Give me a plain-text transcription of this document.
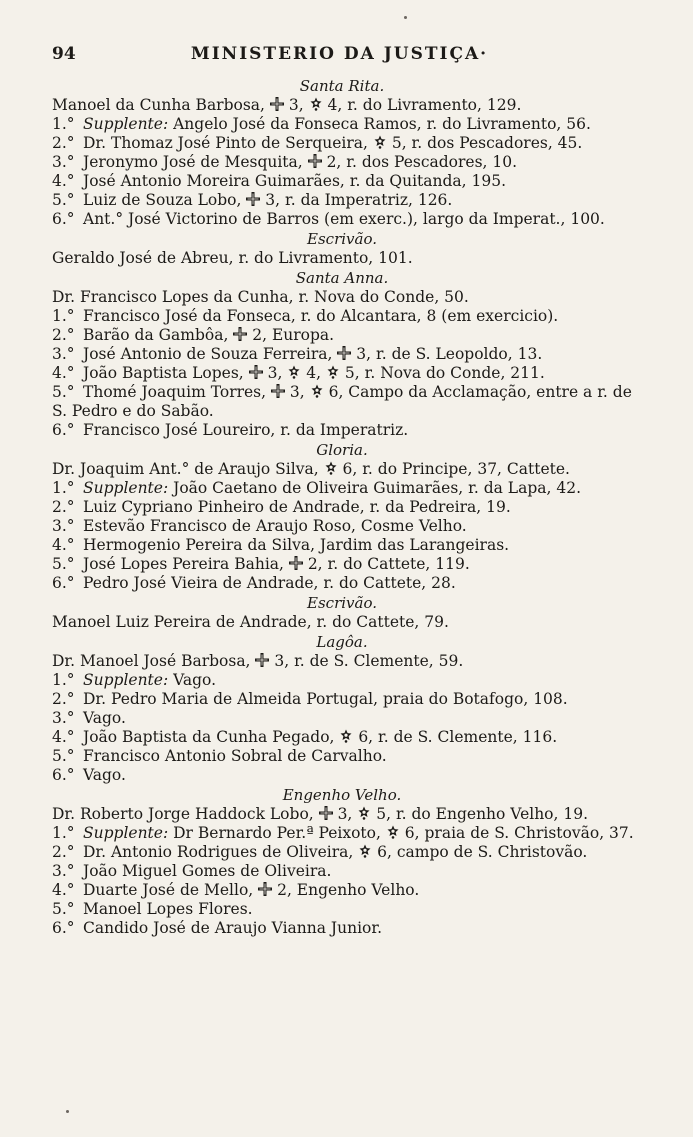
94	MINISTERIO DA JUSTIÇA·
Santa Rita.
Manoel da Cunha Barbosa,  3,  4, r. do Livramento, 129.
1.° Supplente: Angelo José da Fonseca Ramos, r. do Livramento, 56.
2.° Dr. Thomaz José Pinto de Serqueira,  5, r. dos Pescadores, 45.
3.° Jeronymo José de Mesquita,  2, r. dos Pescadores, 10.
4.° José Antonio Moreira Guimarães, r. da Quitanda, 195.
5.° Luiz de Souza Lobo,  3, r. da Imperatriz, 126.
6.° Ant.° José Victorino de Barros (em exerc.), largo da Imperat., 100.
Escrivão.
Geraldo José de Abreu, r. do Livramento, 101.
Santa Anna.
Dr. Francisco Lopes da Cunha, r. Nova do Conde, 50.
1.° Francisco José da Fonseca, r. do Alcantara, 8 (em exercicio).
2.° Barão da Gambôa,  2, Europa.
3.° José Antonio de Souza Ferreira,  3, r. de S. Leopoldo, 13.
4.° João Baptista Lopes,  3,  4,  5, r. Nova do Conde, 211.
5.° Thomé Joaquim Torres,  3,  6, Campo da Acclamação, entre a r. de S. Pedro e do Sabão.
6.° Francisco José Loureiro, r. da Imperatriz.
Gloria.
Dr. Joaquim Ant.° de Araujo Silva,  6, r. do Principe, 37, Cattete.
1.° Supplente: João Caetano de Oliveira Guimarães, r. da Lapa, 42.
2.° Luiz Cypriano Pinheiro de Andrade, r. da Pedreira, 19.
3.° Estevão Francisco de Araujo Roso, Cosme Velho.
4.° Hermogenio Pereira da Silva, Jardim das Larangeiras.
5.° José Lopes Pereira Bahia,  2, r. do Cattete, 119.
6.° Pedro José Vieira de Andrade, r. do Cattete, 28.
Escrivão.
Manoel Luiz Pereira de Andrade, r. do Cattete, 79.
Lagôa.
Dr. Manoel José Barbosa,  3, r. de S. Clemente, 59.
1.° Supplente: Vago.
2.° Dr. Pedro Maria de Almeida Portugal, praia do Botafogo, 108.
3.° Vago.
4.° João Baptista da Cunha Pegado,  6, r. de S. Clemente, 116.
5.° Francisco Antonio Sobral de Carvalho.
6.° Vago.
Engenho Velho.
Dr. Roberto Jorge Haddock Lobo,  3,  5, r. do Engenho Velho, 19.
1.° Supplente: Dr Bernardo Per.ª Peixoto,  6, praia de S. Christovão, 37.
2.° Dr. Antonio Rodrigues de Oliveira,  6, campo de S. Christovão.
3.° João Miguel Gomes de Oliveira.
4.° Duarte José de Mello,  2, Engenho Velho.
5.° Manoel Lopes Flores.
6.° Candido José de Araujo Vianna Junior.
